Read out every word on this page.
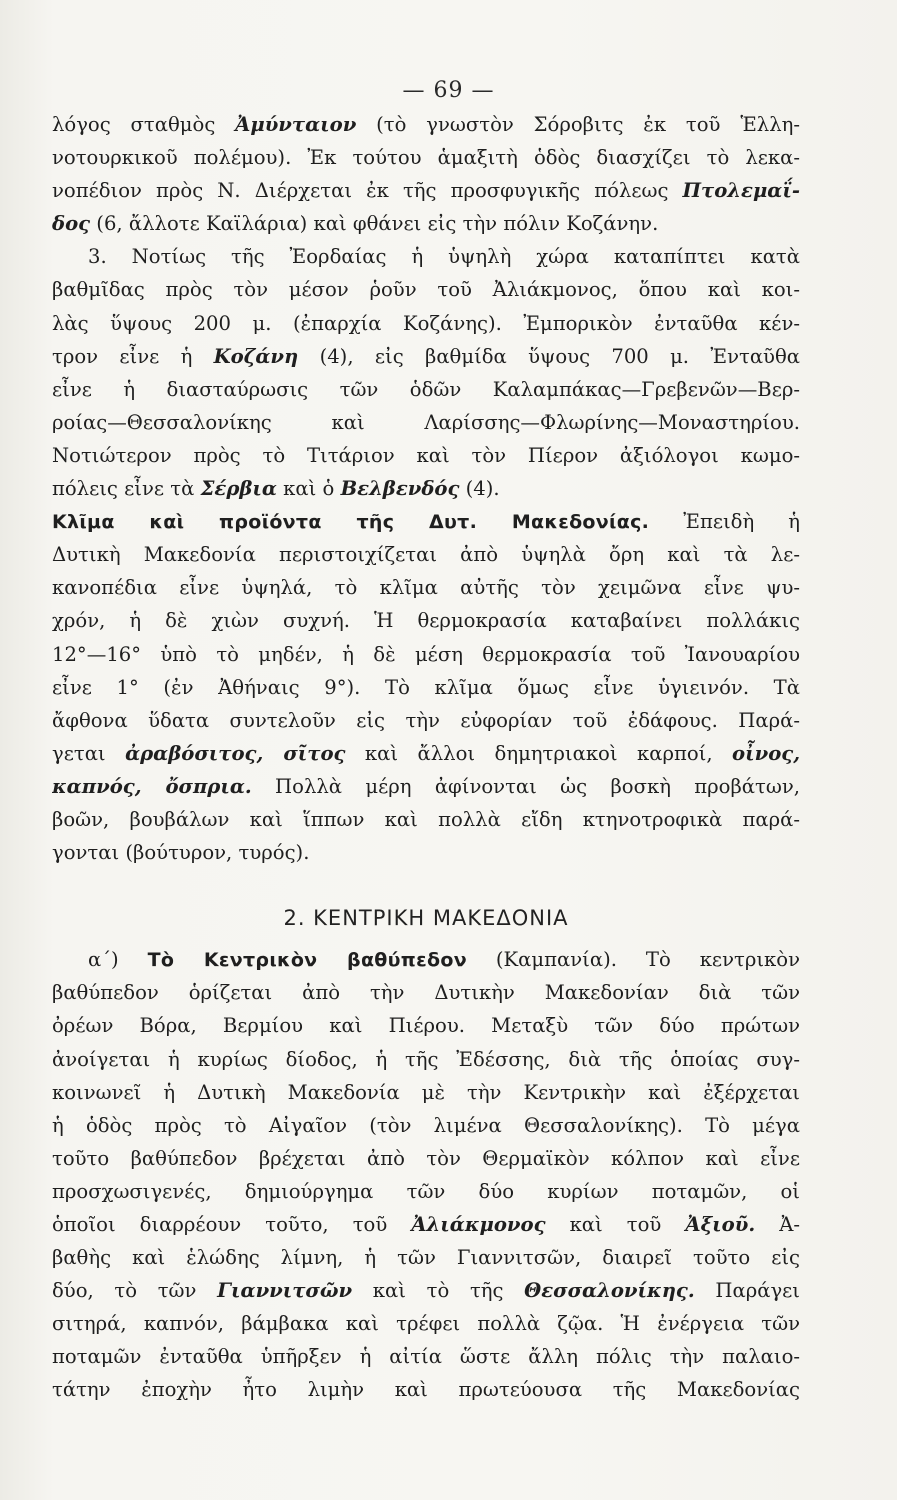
— 69 —
λόγος σταθμὸς Ἀμύνταιον (τὸ γνωστὸν Σόροβιτς ἐκ τοῦ Ἑλλη-
νοτουρκικοῦ πολέμου). Ἐκ τούτου ἁμαξιτὴ ὁδὸς διασχίζει τὸ λεκα-
νοπέδιον πρὸς Ν. Διέρχεται ἐκ τῆς προσφυγικῆς πόλεως Πτολεμαΐ-
δος (6, ἄλλοτε Καϊλάρια) καὶ φθάνει εἰς τὴν πόλιν Κοζάνην.
3. Νοτίως τῆς Ἐορδαίας ἡ ὑψηλὴ χώρα καταπίπτει κατὰ
βαθμῖδας πρὸς τὸν μέσον ῥοῦν τοῦ Ἀλιάκμονος, ὅπου καὶ κοι-
λὰς ὕψους 200 μ. (ἐπαρχία Κοζάνης). Ἐμπορικὸν ἐνταῦθα κέν-
τρον εἶνε ἡ Κοζάνη (4), εἰς βαθμίδα ὕψους 700 μ. Ἐνταῦθα
εἶνε ἡ διασταύρωσις τῶν ὁδῶν Καλαμπάκας—Γρεβενῶν—Βερ-
ροίας—Θεσσαλονίκης καὶ Λαρίσσης—Φλωρίνης—Μοναστηρίου.
Νοτιώτερον πρὸς τὸ Τιτάριον καὶ τὸν Πίερον ἀξιόλογοι κωμο-
πόλεις εἶνε τὰ Σέρβια καὶ ὁ Βελβενδός (4).
Κλῖμα καὶ προϊόντα τῆς Δυτ. Μακεδονίας. Ἐπειδὴ ἡ
Δυτικὴ Μακεδονία περιστοιχίζεται ἀπὸ ὑψηλὰ ὄρη καὶ τὰ λε-
κανοπέδια εἶνε ὑψηλά, τὸ κλῖμα αὐτῆς τὸν χειμῶνα εἶνε ψυ-
χρόν, ἡ δὲ χιὼν συχνή. Ἡ θερμοκρασία καταβαίνει πολλάκις
12°—16° ὑπὸ τὸ μηδέν, ἡ δὲ μέση θερμοκρασία τοῦ Ἰανουαρίου
εἶνε 1° (ἐν Ἀθήναις 9°). Τὸ κλῖμα ὅμως εἶνε ὑγιεινόν. Τὰ
ἄφθονα ὕδατα συντελοῦν εἰς τὴν εὐφορίαν τοῦ ἐδάφους. Παρά-
γεται ἀραβόσιτος, σῖτος καὶ ἄλλοι δημητριακοὶ καρποί, οἶνος,
καπνός, ὄσπρια. Πολλὰ μέρη ἀφίνονται ὡς βοσκὴ προβάτων,
βοῶν, βουβάλων καὶ ἵππων καὶ πολλὰ εἴδη κτηνοτροφικὰ παρά-
γονται (βούτυρον, τυρός).
2. ΚΕΝΤΡΙΚΗ ΜΑΚΕΔΟΝΙΑ
α΄) Τὸ Κεντρικὸν βαθύπεδον (Καμπανία). Τὸ κεντρικὸν
βαθύπεδον ὁρίζεται ἀπὸ τὴν Δυτικὴν Μακεδονίαν διὰ τῶν
ὀρέων Βόρα, Βερμίου καὶ Πιέρου. Μεταξὺ τῶν δύο πρώτων
ἀνοίγεται ἡ κυρίως δίοδος, ἡ τῆς Ἐδέσσης, διὰ τῆς ὁποίας συγ-
κοινωνεῖ ἡ Δυτικὴ Μακεδονία μὲ τὴν Κεντρικὴν καὶ ἐξέρχεται
ἡ ὁδὸς πρὸς τὸ Αἰγαῖον (τὸν λιμένα Θεσσαλονίκης). Τὸ μέγα
τοῦτο βαθύπεδον βρέχεται ἀπὸ τὸν Θερμαϊκὸν κόλπον καὶ εἶνε
προσχωσιγενές, δημιούργημα τῶν δύο κυρίων ποταμῶν, οἱ
ὁποῖοι διαρρέουν τοῦτο, τοῦ Ἀλιάκμονος καὶ τοῦ Ἀξιοῦ. Ἀ-
βαθὴς καὶ ἑλώδης λίμνη, ἡ τῶν Γιαννιτσῶν, διαιρεῖ τοῦτο εἰς
δύο, τὸ τῶν Γιαννιτσῶν καὶ τὸ τῆς Θεσσαλονίκης. Παράγει
σιτηρά, καπνόν, βάμβακα καὶ τρέφει πολλὰ ζῷα. Ἡ ἐνέργεια τῶν
ποταμῶν ἐνταῦθα ὑπῆρξεν ἡ αἰτία ὥστε ἄλλη πόλις τὴν παλαιο-
τάτην ἐποχὴν ἦτο λιμὴν καὶ πρωτεύουσα τῆς Μακεδονίας
